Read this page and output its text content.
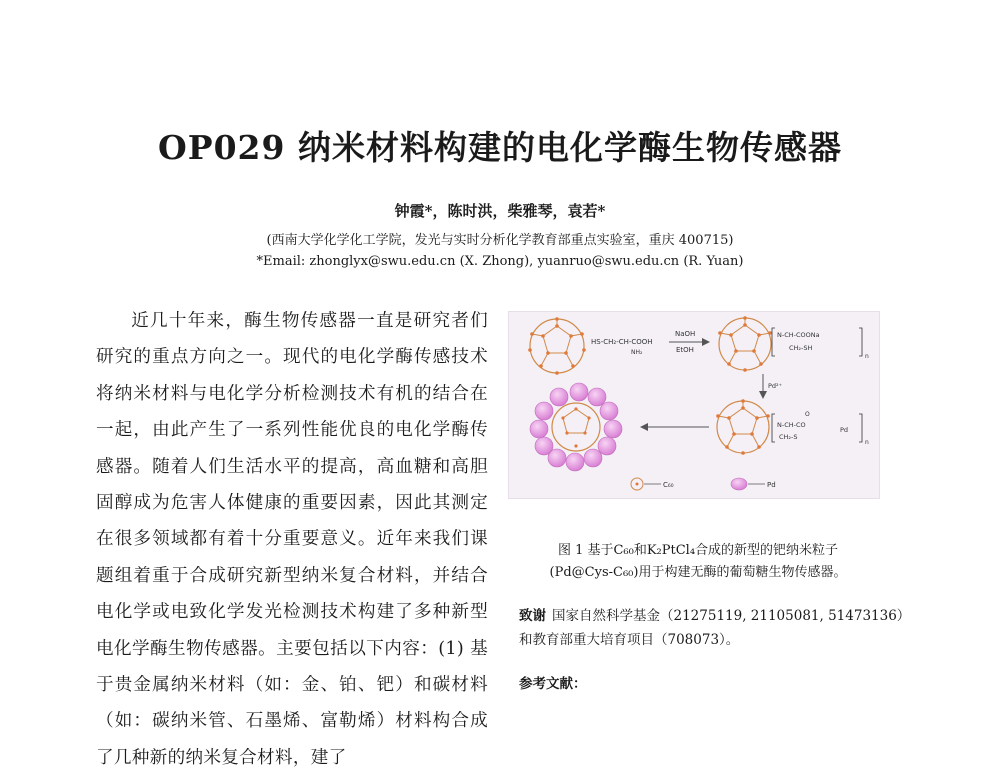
OP029 纳米材料构建的电化学酶生物传感器
钟霞*，陈时洪，柴雅琴，袁若*
(西南大学化学化工学院，发光与实时分析化学教育部重点实验室，重庆 400715)
*Email: zhonglyx@swu.edu.cn (X. Zhong), yuanruo@swu.edu.cn (R. Yuan)

近几十年来，酶生物传感器一直是研究者们研究的重点方向之一。现代的电化学酶传感技术将纳米材料与电化学分析检测技术有机的结合在一起，由此产生了一系列性能优良的电化学酶传感器。随着人们生活水平的提高，高血糖和高胆固醇成为危害人体健康的重要因素，因此其测定在很多领域都有着十分重要意义。近年来我们课题组着重于合成研究新型纳米复合材料，并结合电化学或电致化学发光检测技术构建了多种新型电化学酶生物传感器。主要包括以下内容：(1) 基于贵金属纳米材料（如：金、铂、钯）和碳材料（如：碳纳米管、石墨烯、富勒烯）材料构合成了几种新的纳米复合材料，建了

HS-CH₂-CH-COOH
NH₂
NaOH
EtOH
N-CH-COONa
CH₂-SH
n
Pd²⁺
O
N-CH-CO
CH₂-S
Pd
n
C₆₀	Pd
图 1 基于C₆₀和K₂PtCl₄合成的新型的钯纳米粒子
(Pd@Cys-C₆₀)用于构建无酶的葡萄糖生物传感器。
致谢 国家自然科学基金（21275119, 21105081, 51473136）和教育部重大培育项目（708073）。
参考文献：
